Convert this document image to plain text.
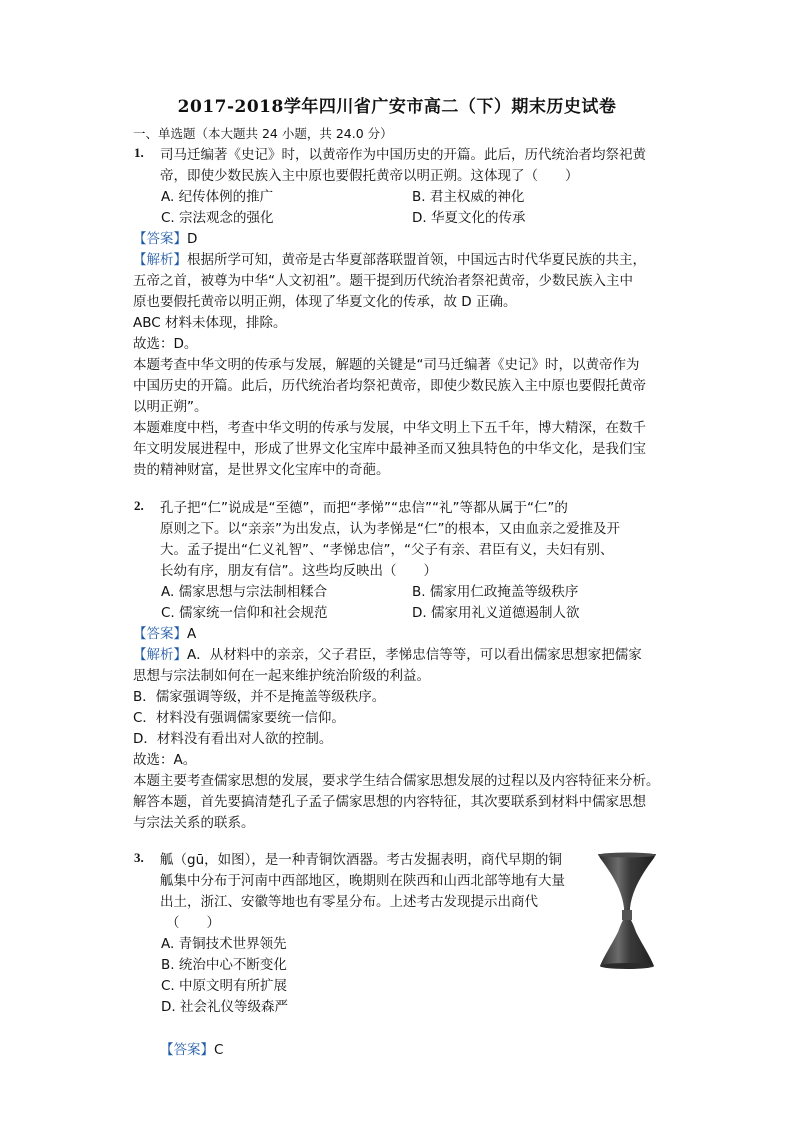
2017-2018学年四川省广安市高二（下）期末历史试卷
一、单选题（本大题共 24 小题，共 24.0 分）
1. 司马迁编著《史记》时，以黄帝作为中国历史的开篇。此后，历代统治者均祭祀黄
帝，即使少数民族入主中原也要假托黄帝以明正朔。这体现了（　　）
A. 纪传体例的推广	B. 君主权威的神化
C. 宗法观念的强化	D. 华夏文化的传承
【答案】D
【解析】根据所学可知，黄帝是古华夏部落联盟首领，中国远古时代华夏民族的共主，
五帝之首，被尊为中华“人文初祖”。题干提到历代统治者祭祀黄帝，少数民族入主中
原也要假托黄帝以明正朔，体现了华夏文化的传承，故 D 正确。
ABC 材料未体现，排除。
故选：D。
本题考查中华文明的传承与发展，解题的关键是“司马迁编著《史记》时，以黄帝作为
中国历史的开篇。此后，历代统治者均祭祀黄帝，即使少数民族入主中原也要假托黄帝
以明正朔”。
本题难度中档，考查中华文明的传承与发展，中华文明上下五千年，博大精深，在数千
年文明发展进程中，形成了世界文化宝库中最神圣而又独具特色的中华文化，是我们宝
贵的精神财富，是世界文化宝库中的奇葩。
2. 孔子把“仁”说成是“至德”，而把“孝悌”“忠信”“礼”等都从属于“仁”的
原则之下。以“亲亲”为出发点，认为孝悌是“仁”的根本，又由血亲之爱推及开
大。孟子提出“仁义礼智”、“孝悌忠信”，“父子有亲、君臣有义，夫妇有别、
长幼有序，朋友有信”。这些均反映出（　　）
A. 儒家思想与宗法制相糅合	B. 儒家用仁政掩盖等级秩序
C. 儒家统一信仰和社会规范	D. 儒家用礼义道德遏制人欲
【答案】A
【解析】A．从材料中的亲亲，父子君臣，孝悌忠信等等，可以看出儒家思想家把儒家
思想与宗法制如何在一起来维护统治阶级的利益。
B．儒家强调等级，并不是掩盖等级秩序。
C．材料没有强调儒家要统一信仰。
D．材料没有看出对人欲的控制。
故选：A。
本题主要考查儒家思想的发展，要求学生结合儒家思想发展的过程以及内容特征来分析。
解答本题，首先要搞清楚孔子孟子儒家思想的内容特征，其次要联系到材料中儒家思想
与宗法关系的联系。
3. 觚（gū，如图），是一种青铜饮酒器。考古发掘表明，商代早期的铜
觚集中分布于河南中西部地区，晚期则在陕西和山西北部等地有大量
出土，浙江、安徽等地也有零星分布。上述考古发现提示出商代
（　　）
A. 青铜技术世界领先
B. 统治中心不断变化
C. 中原文明有所扩展
D. 社会礼仪等级森严
【答案】C
